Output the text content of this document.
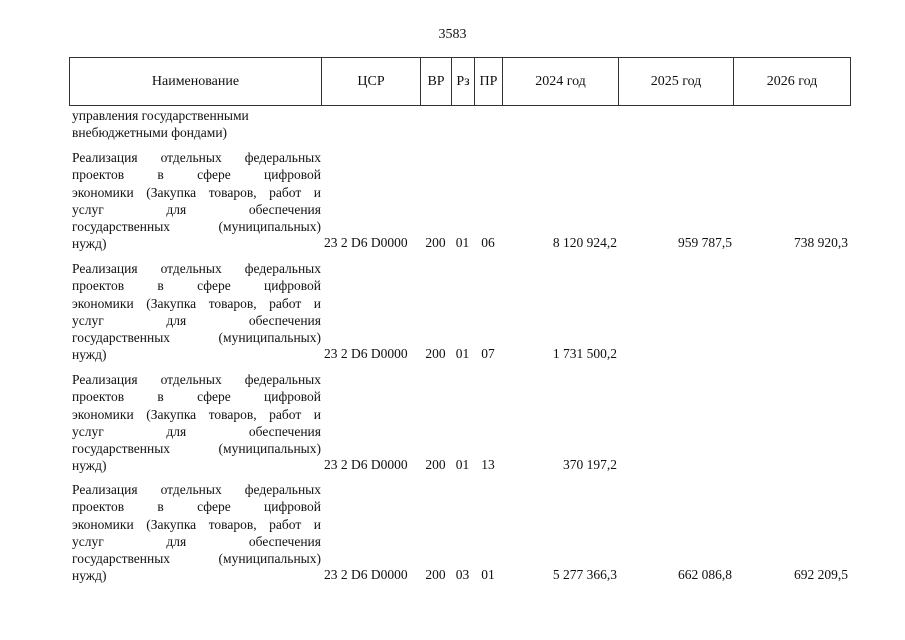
3583
Наименование	ЦСР	ВР Рз ПР	2024 год	2025 год	2026 год
управления государственными
внебюджетными фондами)
Реализация отдельных федеральных
проектов в сфере цифровой
экономики (Закупка товаров, работ и
услуг для обеспечения
государственных (муниципальных)
нужд)	23 2 D6 D0000	200 01 06	8 120 924,2	959 787,5	738 920,3
Реализация отдельных федеральных
проектов в сфере цифровой
экономики (Закупка товаров, работ и
услуг для обеспечения
государственных (муниципальных)
нужд)	23 2 D6 D0000	200 01 07	1 731 500,2
Реализация отдельных федеральных
проектов в сфере цифровой
экономики (Закупка товаров, работ и
услуг для обеспечения
государственных (муниципальных)
нужд)	23 2 D6 D0000	200 01 13	370 197,2
Реализация отдельных федеральных
проектов в сфере цифровой
экономики (Закупка товаров, работ и
услуг для обеспечения
государственных (муниципальных)
нужд)	23 2 D6 D0000	200 03 01	5 277 366,3	662 086,8	692 209,5
